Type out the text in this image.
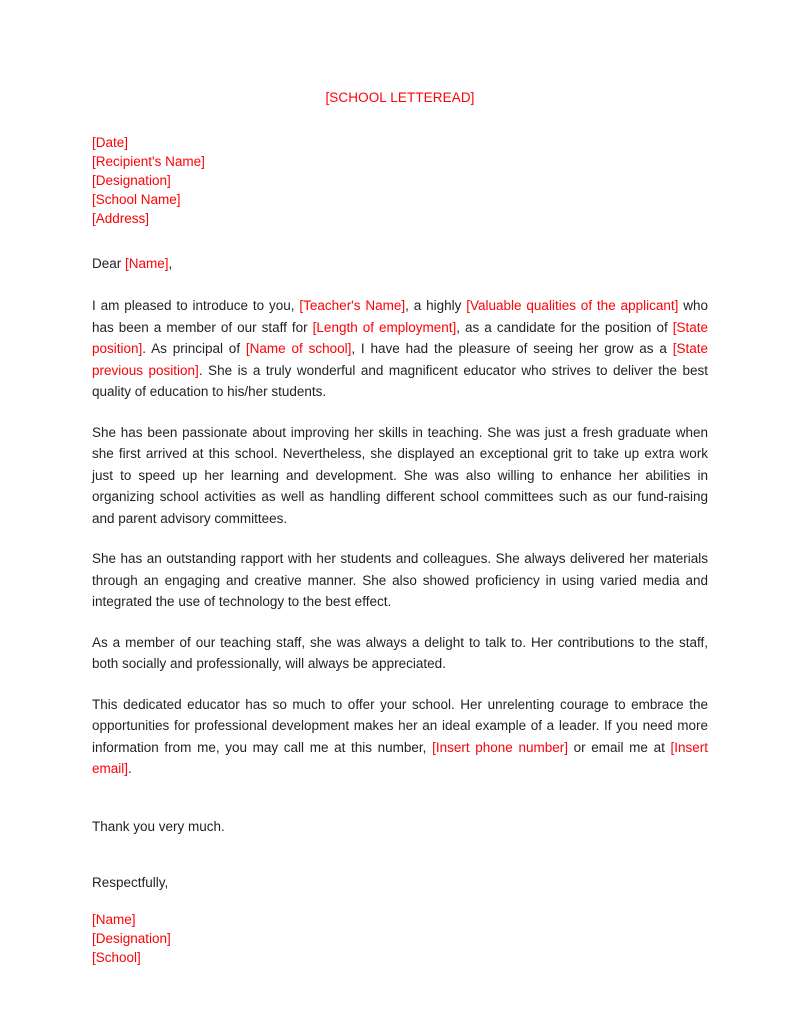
[SCHOOL LETTEREAD]
[Date]
[Recipient's Name]
[Designation]
[School Name]
[Address]
Dear [Name],

I am pleased to introduce to you, [Teacher's Name], a highly [Valuable qualities of the applicant] who has been a member of our staff for [Length of employment], as a candidate for the position of [State position]. As principal of [Name of school], I have had the pleasure of seeing her grow as a [State previous position]. She is a truly wonderful and magnificent educator who strives to deliver the best quality of education to his/her students.

She has been passionate about improving her skills in teaching. She was just a fresh graduate when she first arrived at this school. Nevertheless, she displayed an exceptional grit to take up extra work just to speed up her learning and development. She was also willing to enhance her abilities in organizing school activities as well as handling different school committees such as our fund-raising and parent advisory committees.

She has an outstanding rapport with her students and colleagues. She always delivered her materials through an engaging and creative manner. She also showed proficiency in using varied media and integrated the use of technology to the best effect.

As a member of our teaching staff, she was always a delight to talk to. Her contributions to the staff, both socially and professionally, will always be appreciated.

This dedicated educator has so much to offer your school. Her unrelenting courage to embrace the opportunities for professional development makes her an ideal example of a leader. If you need more information from me, you may call me at this number, [Insert phone number] or email me at [Insert email].

Thank you very much.
Respectfully,
[Name]
[Designation]
[School]
